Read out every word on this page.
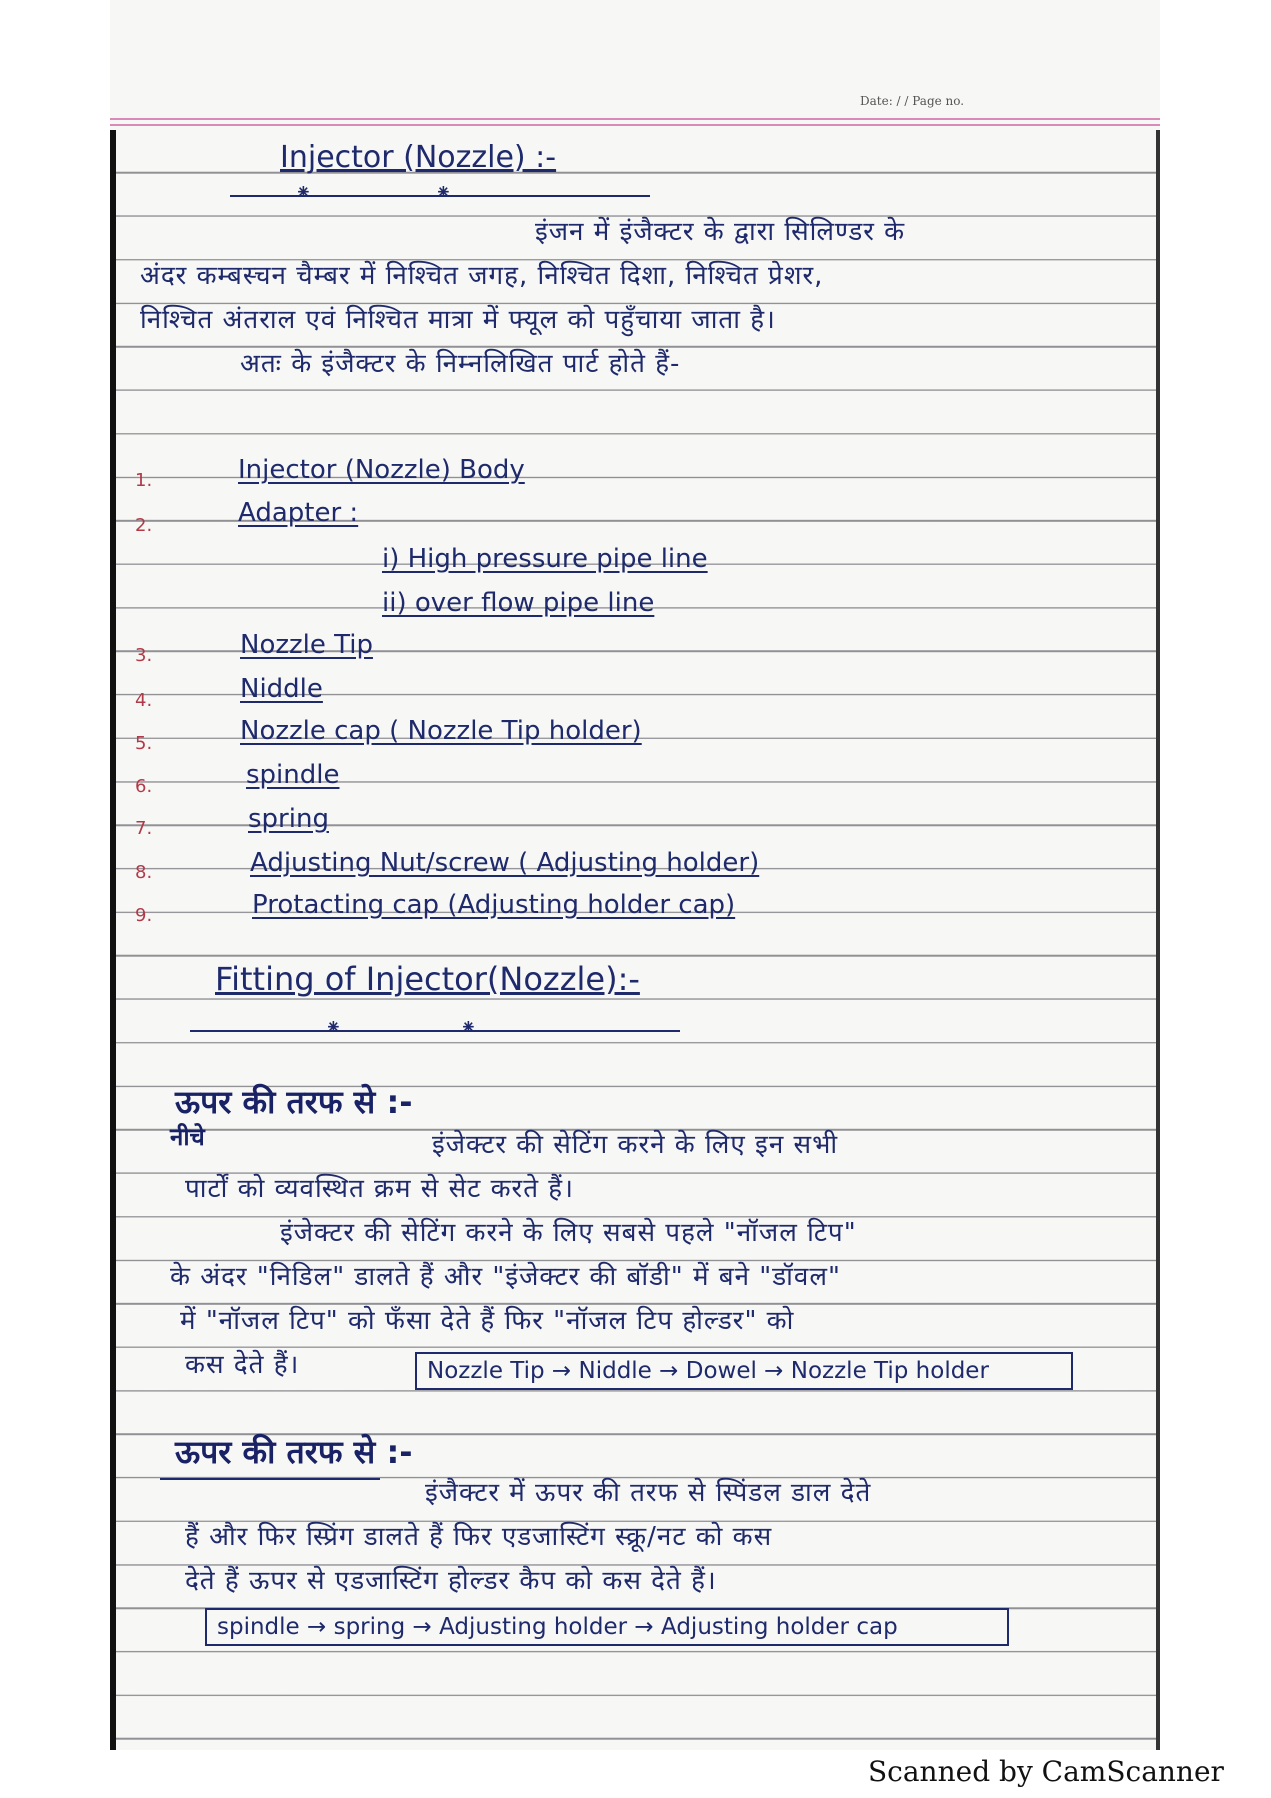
Date: / / Page no.
Injector (Nozzle) :-
⁕	⁕
इंजन में इंजैक्टर के द्वारा सिलिण्डर के
अंदर कम्बस्चन चैम्बर में निश्चित जगह, निश्चित दिशा, निश्चित प्रेशर,
निश्चित अंतराल एवं निश्चित मात्रा में फ्यूल को पहुँचाया जाता है।
अतः के इंजैक्टर के निम्नलिखित पार्ट होते हैं-
1.	Injector (Nozzle) Body
2.	Adapter :
i) High pressure pipe line
ii) over flow pipe line
3.	Nozzle Tip
4.	Niddle
5.	Nozzle cap ( Nozzle Tip holder)
6.	spindle
7.	spring
8.	Adjusting Nut/screw ( Adjusting holder)
9.	Protacting cap (Adjusting holder cap)
Fitting of Injector(Nozzle):-
⁕	⁕
ऊपर की तरफ से :-
नीचे	इंजेक्टर की सेटिंग करने के लिए इन सभी
पार्टों को व्यवस्थित क्रम से सेट करते हैं।
इंजेक्टर की सेटिंग करने के लिए सबसे पहले "नॉजल टिप"
के अंदर "निडिल" डालते हैं और "इंजेक्टर की बॉडी" में बने "डॉवल"
में "नॉजल टिप" को फँसा देते हैं फिर "नॉजल टिप होल्डर" को
कस देते हैं।	Nozzle Tip → Niddle → Dowel → Nozzle Tip holder
ऊपर की तरफ से :-
इंजैक्टर में ऊपर की तरफ से स्पिंडल डाल देते
हैं और फिर स्प्रिंग डालते हैं फिर एडजास्टिंग स्क्रू/नट को कस
देते हैं ऊपर से एडजास्टिंग होल्डर कैप को कस देते हैं।
spindle → spring → Adjusting holder → Adjusting holder cap
Scanned by CamScanner
